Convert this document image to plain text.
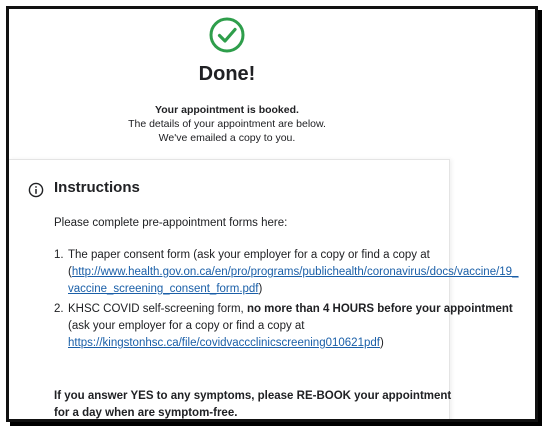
Done!
Your appointment is booked.
The details of your appointment are below.
We've emailed a copy to you.
Instructions
Please complete pre-appointment forms here:
1. The paper consent form (ask your employer for a copy or find a copy at
(http://www.health.gov.on.ca/en/pro/programs/publichealth/coronavirus/docs/vaccine/​19_vaccine_screening_consent_form.pdf)
2. KHSC COVID self-screening form, no more than 4 HOURS before your appointment (ask your employer for a copy or find a copy at
https://kingstonhsc.ca/file/covidvaccclinicscreening010621pdf)
If you answer YES to any symptoms, please RE-BOOK your appointment for a day when are symptom-free.
